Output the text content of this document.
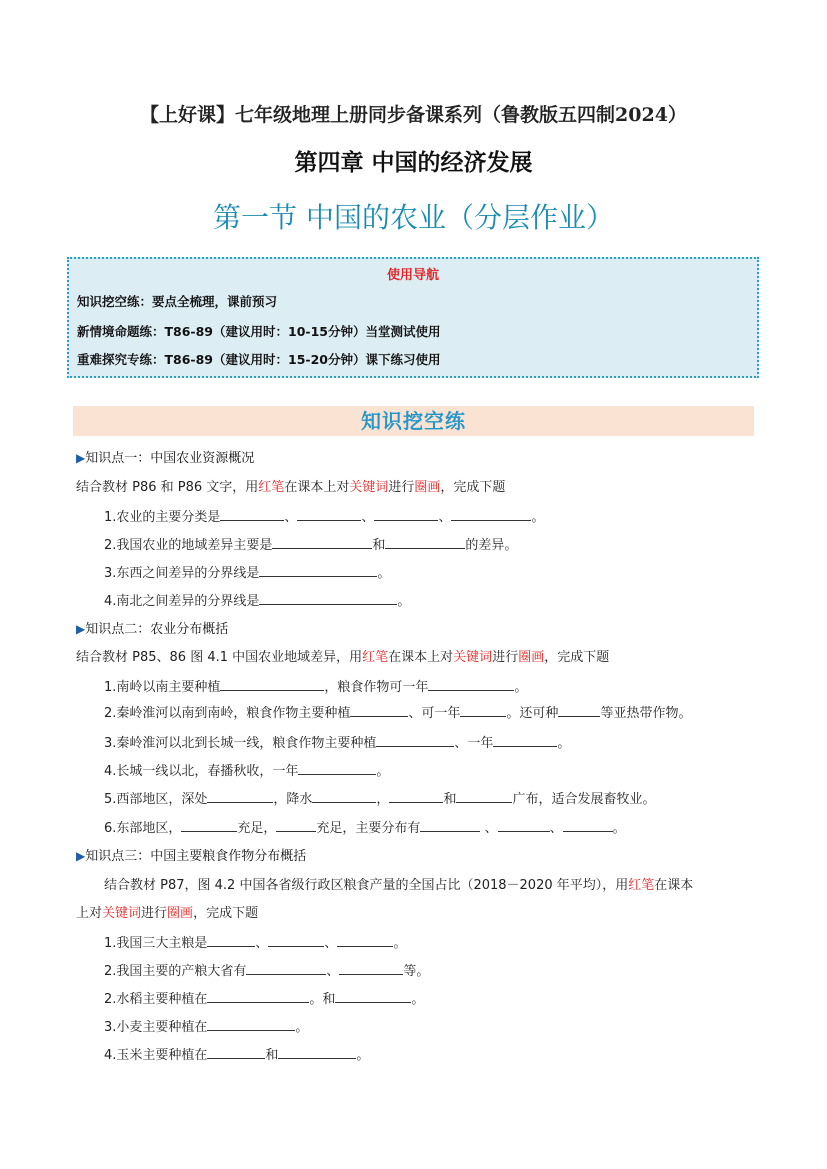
【上好课】七年级地理上册同步备课系列（鲁教版五四制2024）
第四章 中国的经济发展
第一节 中国的农业（分层作业）
使用导航
知识挖空练：要点全梳理，课前预习
新情境命题练：T86-89（建议用时：10-15分钟）当堂测试使用
重难探究专练：T86-89（建议用时：15-20分钟）课下练习使用
知识挖空练
▶知识点一：中国农业资源概况
结合教材 P86 和 P86 文字，用红笔在课本上对关键词进行圈画，完成下题
1.农业的主要分类是	、	、	、	。
2.我国农业的地域差异主要是	和	的差异。
3.东西之间差异的分界线是	。
4.南北之间差异的分界线是	。
▶知识点二：农业分布概括
结合教材 P85、86 图 4.1 中国农业地域差异，用红笔在课本上对关键词进行圈画，完成下题
1.南岭以南主要种植	，粮食作物可一年	。
2.秦岭淮河以南到南岭，粮食作物主要种植	、可一年	。还可种	等亚热带作物。
3.秦岭淮河以北到长城一线，粮食作物主要种植	、一年	。
4.长城一线以北，春播秋收，一年	。
5.西部地区，深处	，降水	，	和	广布，适合发展畜牧业。
6.东部地区，	充足，	充足，主要分布有	、	、	。
▶知识点三：中国主要粮食作物分布概括
结合教材 P87，图 4.2 中国各省级行政区粮食产量的全国占比（2018－2020 年平均），用红笔在课本
上对关键词进行圈画，完成下题
1.我国三大主粮是	、	、	。
2.我国主要的产粮大省有	、	等。
2.水稻主要种植在	。和	。
3.小麦主要种植在	。
4.玉米主要种植在	和	。
